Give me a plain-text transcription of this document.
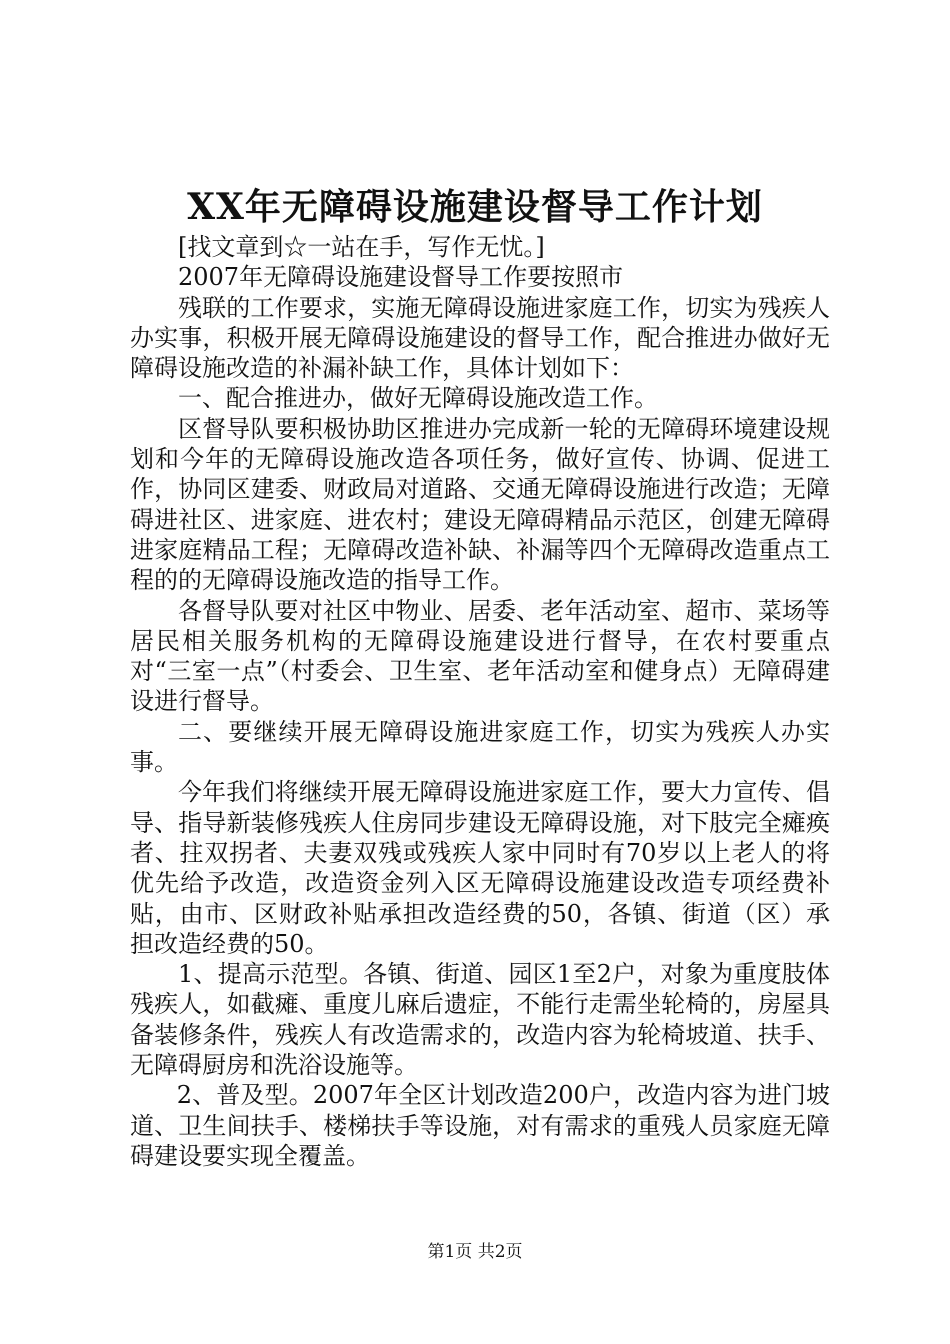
XX年无障碍设施建设督导工作计划

[找文章到☆一站在手，写作无忧。]

2007年无障碍设施建设督导工作要按照市

残联的工作要求，实施无障碍设施进家庭工作，切实为残疾人办实事，积极开展无障碍设施建设的督导工作，配合推进办做好无障碍设施改造的补漏补缺工作，具体计划如下：

一、配合推进办，做好无障碍设施改造工作。

区督导队要积极协助区推进办完成新一轮的无障碍环境建设规划和今年的无障碍设施改造各项任务，做好宣传、协调、促进工作，协同区建委、财政局对道路、交通无障碍设施进行改造；无障碍进社区、进家庭、进农村；建设无障碍精品示范区，创建无障碍进家庭精品工程；无障碍改造补缺、补漏等四个无障碍改造重点工程的的无障碍设施改造的指导工作。

各督导队要对社区中物业、居委、老年活动室、超市、菜场等居民相关服务机构的无障碍设施建设进行督导，在农村要重点对“三室一点”（村委会、卫生室、老年活动室和健身点）无障碍建设进行督导。

二、要继续开展无障碍设施进家庭工作，切实为残疾人办实事。

今年我们将继续开展无障碍设施进家庭工作，要大力宣传、倡导、指导新装修残疾人住房同步建设无障碍设施，对下肢完全瘫痪者、拄双拐者、夫妻双残或残疾人家中同时有70岁以上老人的将优先给予改造，改造资金列入区无障碍设施建设改造专项经费补贴，由市、区财政补贴承担改造经费的50，各镇、街道（区）承担改造经费的50。

1、提高示范型。各镇、街道、园区1至2户，对象为重度肢体残疾人，如截瘫、重度儿麻后遗症，不能行走需坐轮椅的，房屋具备装修条件，残疾人有改造需求的，改造内容为轮椅坡道、扶手、无障碍厨房和洗浴设施等。

2、普及型。2007年全区计划改造200户，改造内容为进门坡道、卫生间扶手、楼梯扶手等设施，对有需求的重残人员家庭无障碍建设要实现全覆盖。

第1页 共2页
